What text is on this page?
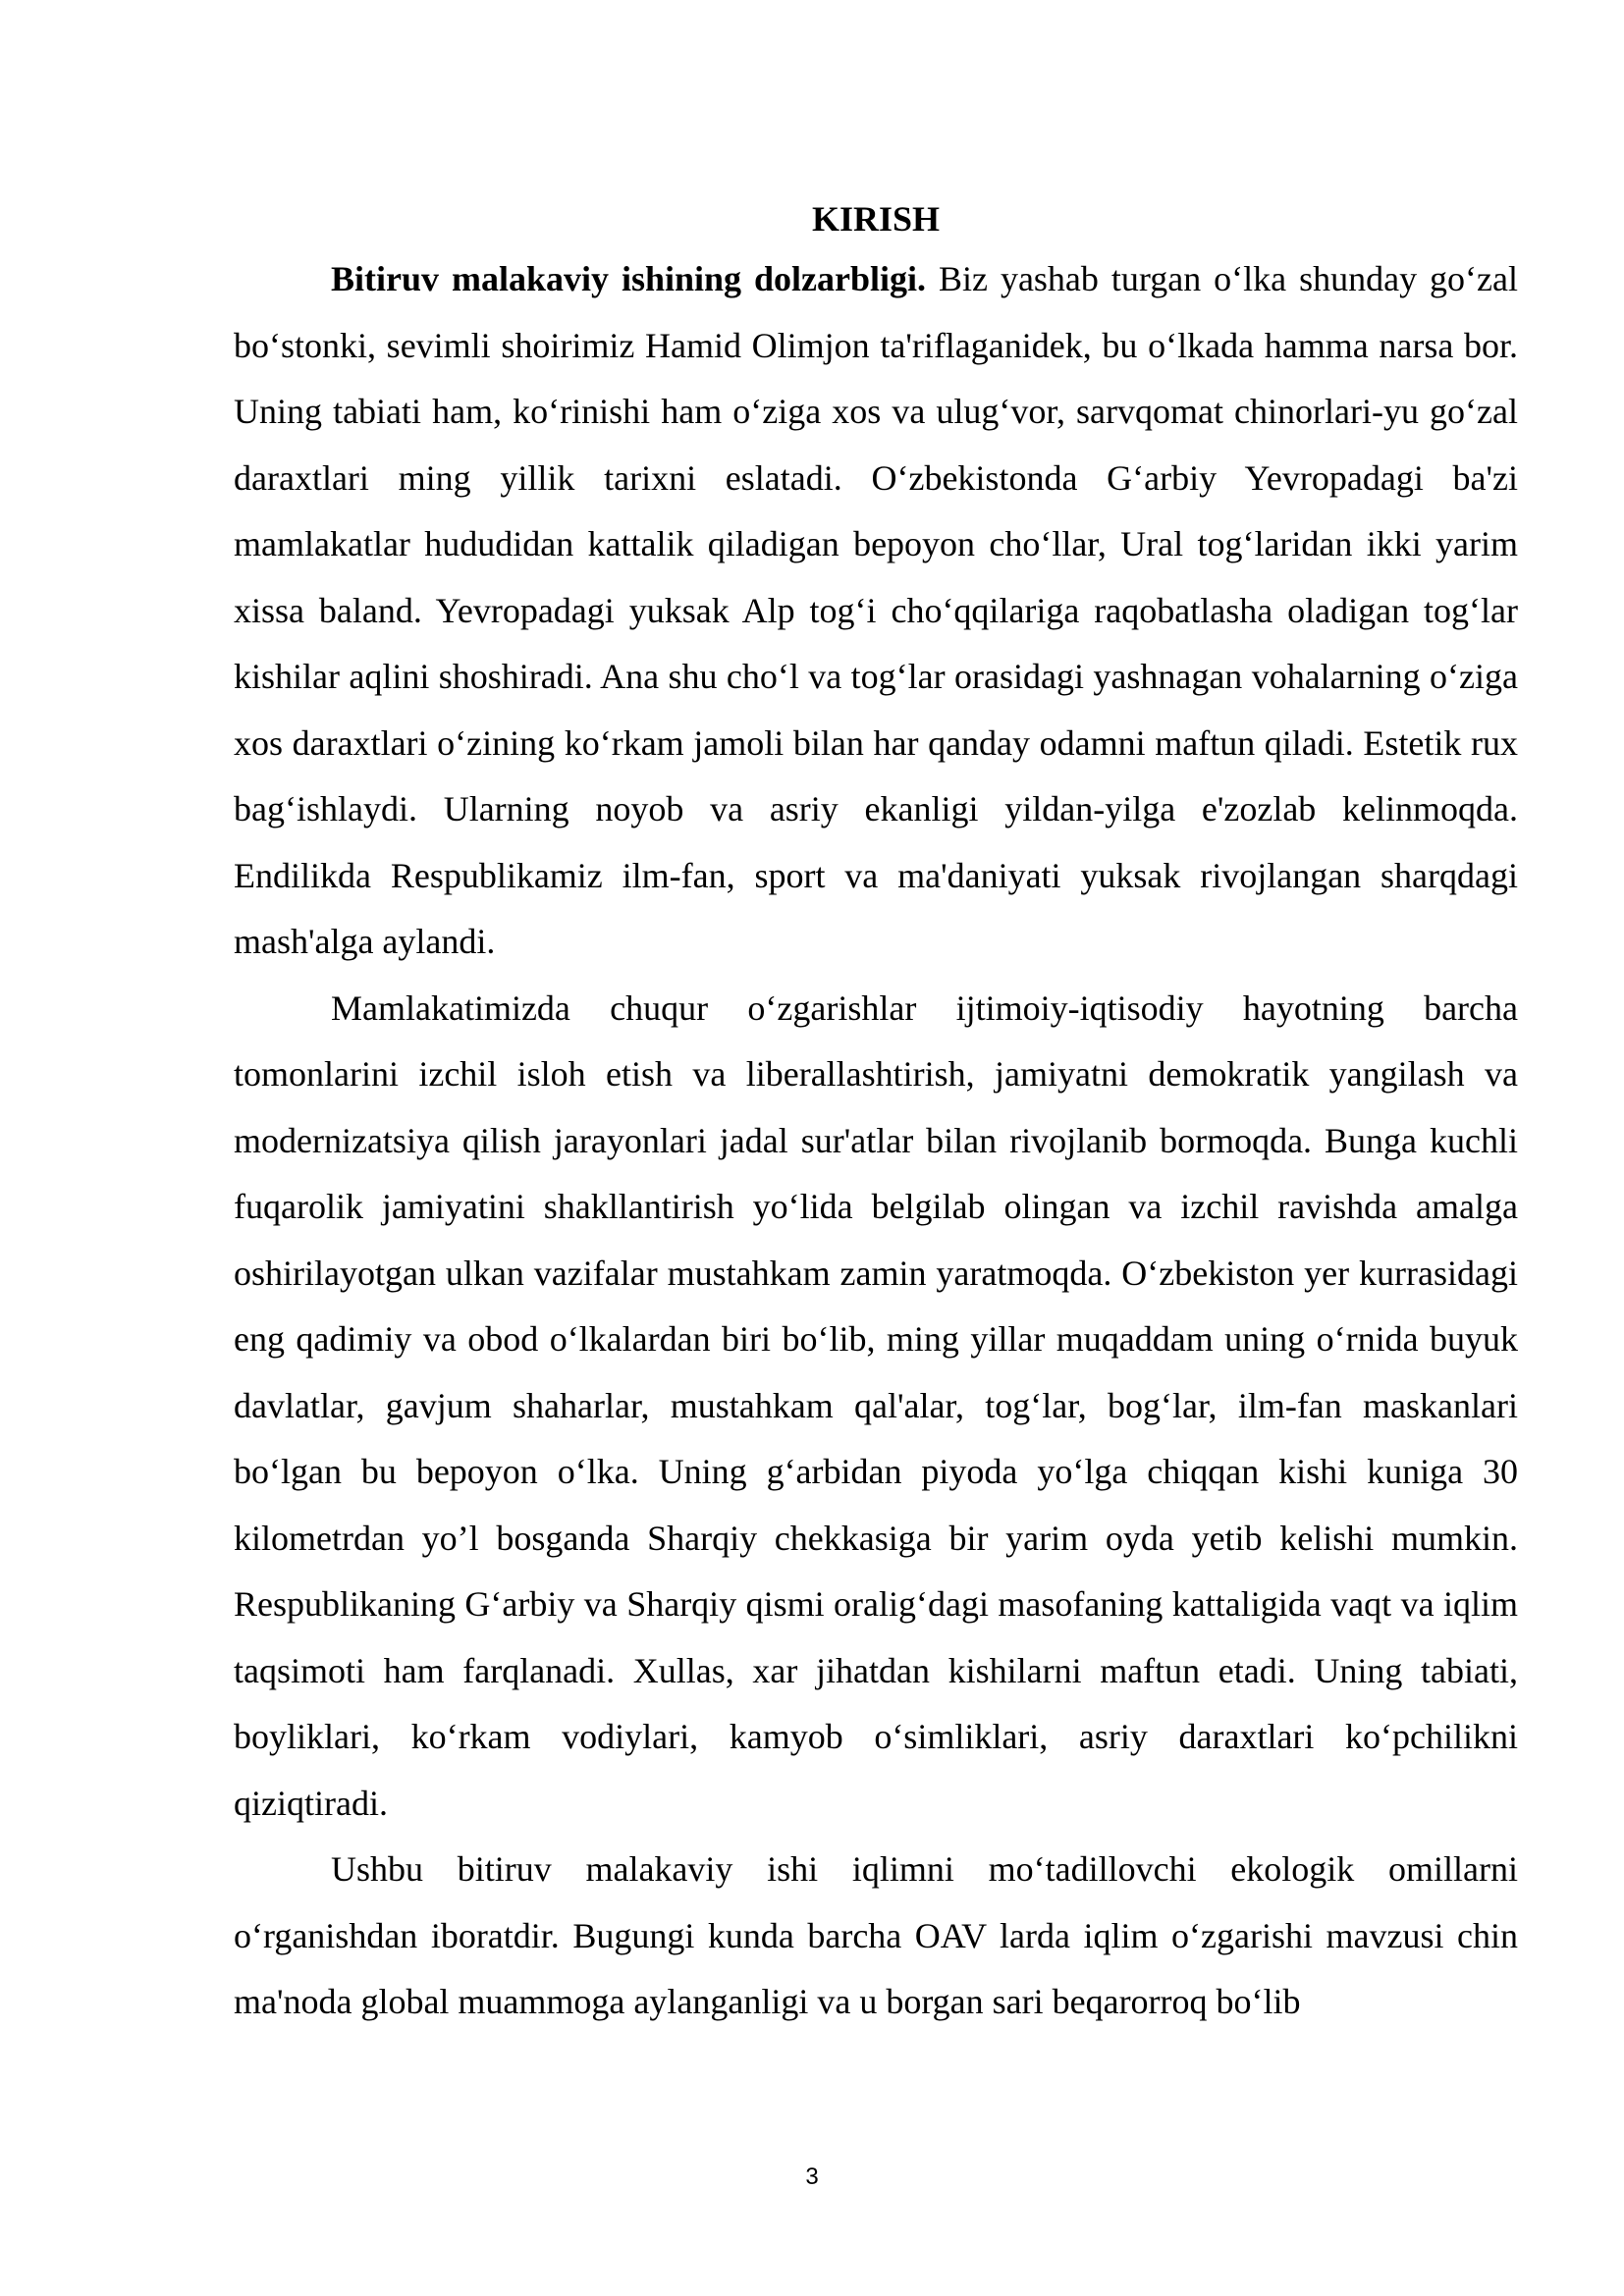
KIRISH

Bitiruv malakaviy ishining dolzarbligi. Biz yashab turgan o‘lka shunday go‘zal bo‘stonki, sevimli shoirimiz Hamid Olimjon ta'riflaganidek, bu o‘lkada hamma narsa bor. Uning tabiati ham, ko‘rinishi ham o‘ziga xos va ulug‘vor, sarvqomat chinorlari-yu go‘zal daraxtlari ming yillik tarixni eslatadi. O‘zbekistonda G‘arbiy Yevropadagi ba'zi mamlakatlar hududidan kattalik qiladigan bepoyon cho‘llar, Ural tog‘laridan ikki yarim xissa baland. Yevropadagi yuksak Alp tog‘i cho‘qqilariga raqobatlasha oladigan tog‘lar kishilar aqlini shoshiradi. Ana shu cho‘l va tog‘lar orasidagi yashnagan vohalarning o‘ziga xos daraxtlari o‘zining ko‘rkam jamoli bilan har qanday odamni maftun qiladi. Estetik rux bag‘ishlaydi. Ularning noyob va asriy ekanligi yildan-yilga e'zozlab kelinmoqda. Endilikda Respublikamiz ilm-fan, sport va ma'daniyati yuksak rivojlangan sharqdagi mash'alga aylandi.

Mamlakatimizda chuqur o‘zgarishlar ijtimoiy-iqtisodiy hayotning barcha tomonlarini izchil isloh etish va liberallashtirish, jamiyatni demokratik yangilash va modernizatsiya qilish jarayonlari jadal sur'atlar bilan rivojlanib bormoqda. Bunga kuchli fuqarolik jamiyatini shakllantirish yo‘lida belgilab olingan va izchil ravishda amalga oshirilayotgan ulkan vazifalar mustahkam zamin yaratmoqda. O‘zbekiston yer kurrasidagi eng qadimiy va obod o‘lkalardan biri bo‘lib, ming yillar muqaddam uning o‘rnida buyuk davlatlar, gavjum shaharlar, mustahkam qal'alar, tog‘lar, bog‘lar, ilm-fan maskanlari bo‘lgan bu bepoyon o‘lka. Uning g‘arbidan piyoda yo‘lga chiqqan kishi kuniga 30 kilometrdan yo’l bosganda Sharqiy chekkasiga bir yarim oyda yetib kelishi mumkin. Respublikaning G‘arbiy va Sharqiy qismi oralig‘dagi masofaning kattaligida vaqt va iqlim taqsimoti ham farqlanadi. Xullas, xar jihatdan kishilarni maftun etadi. Uning tabiati, boyliklari, ko‘rkam vodiylari, kamyob o‘simliklari, asriy daraxtlari ko‘pchilikni qiziqtiradi.

Ushbu bitiruv malakaviy ishi iqlimni mo‘tadillovchi ekologik omillarni o‘rganishdan iboratdir. Bugungi kunda barcha OAV larda iqlim o‘zgarishi mavzusi chin ma'noda global muammoga aylanganligi va u borgan sari beqarorroq bo‘lib

3
